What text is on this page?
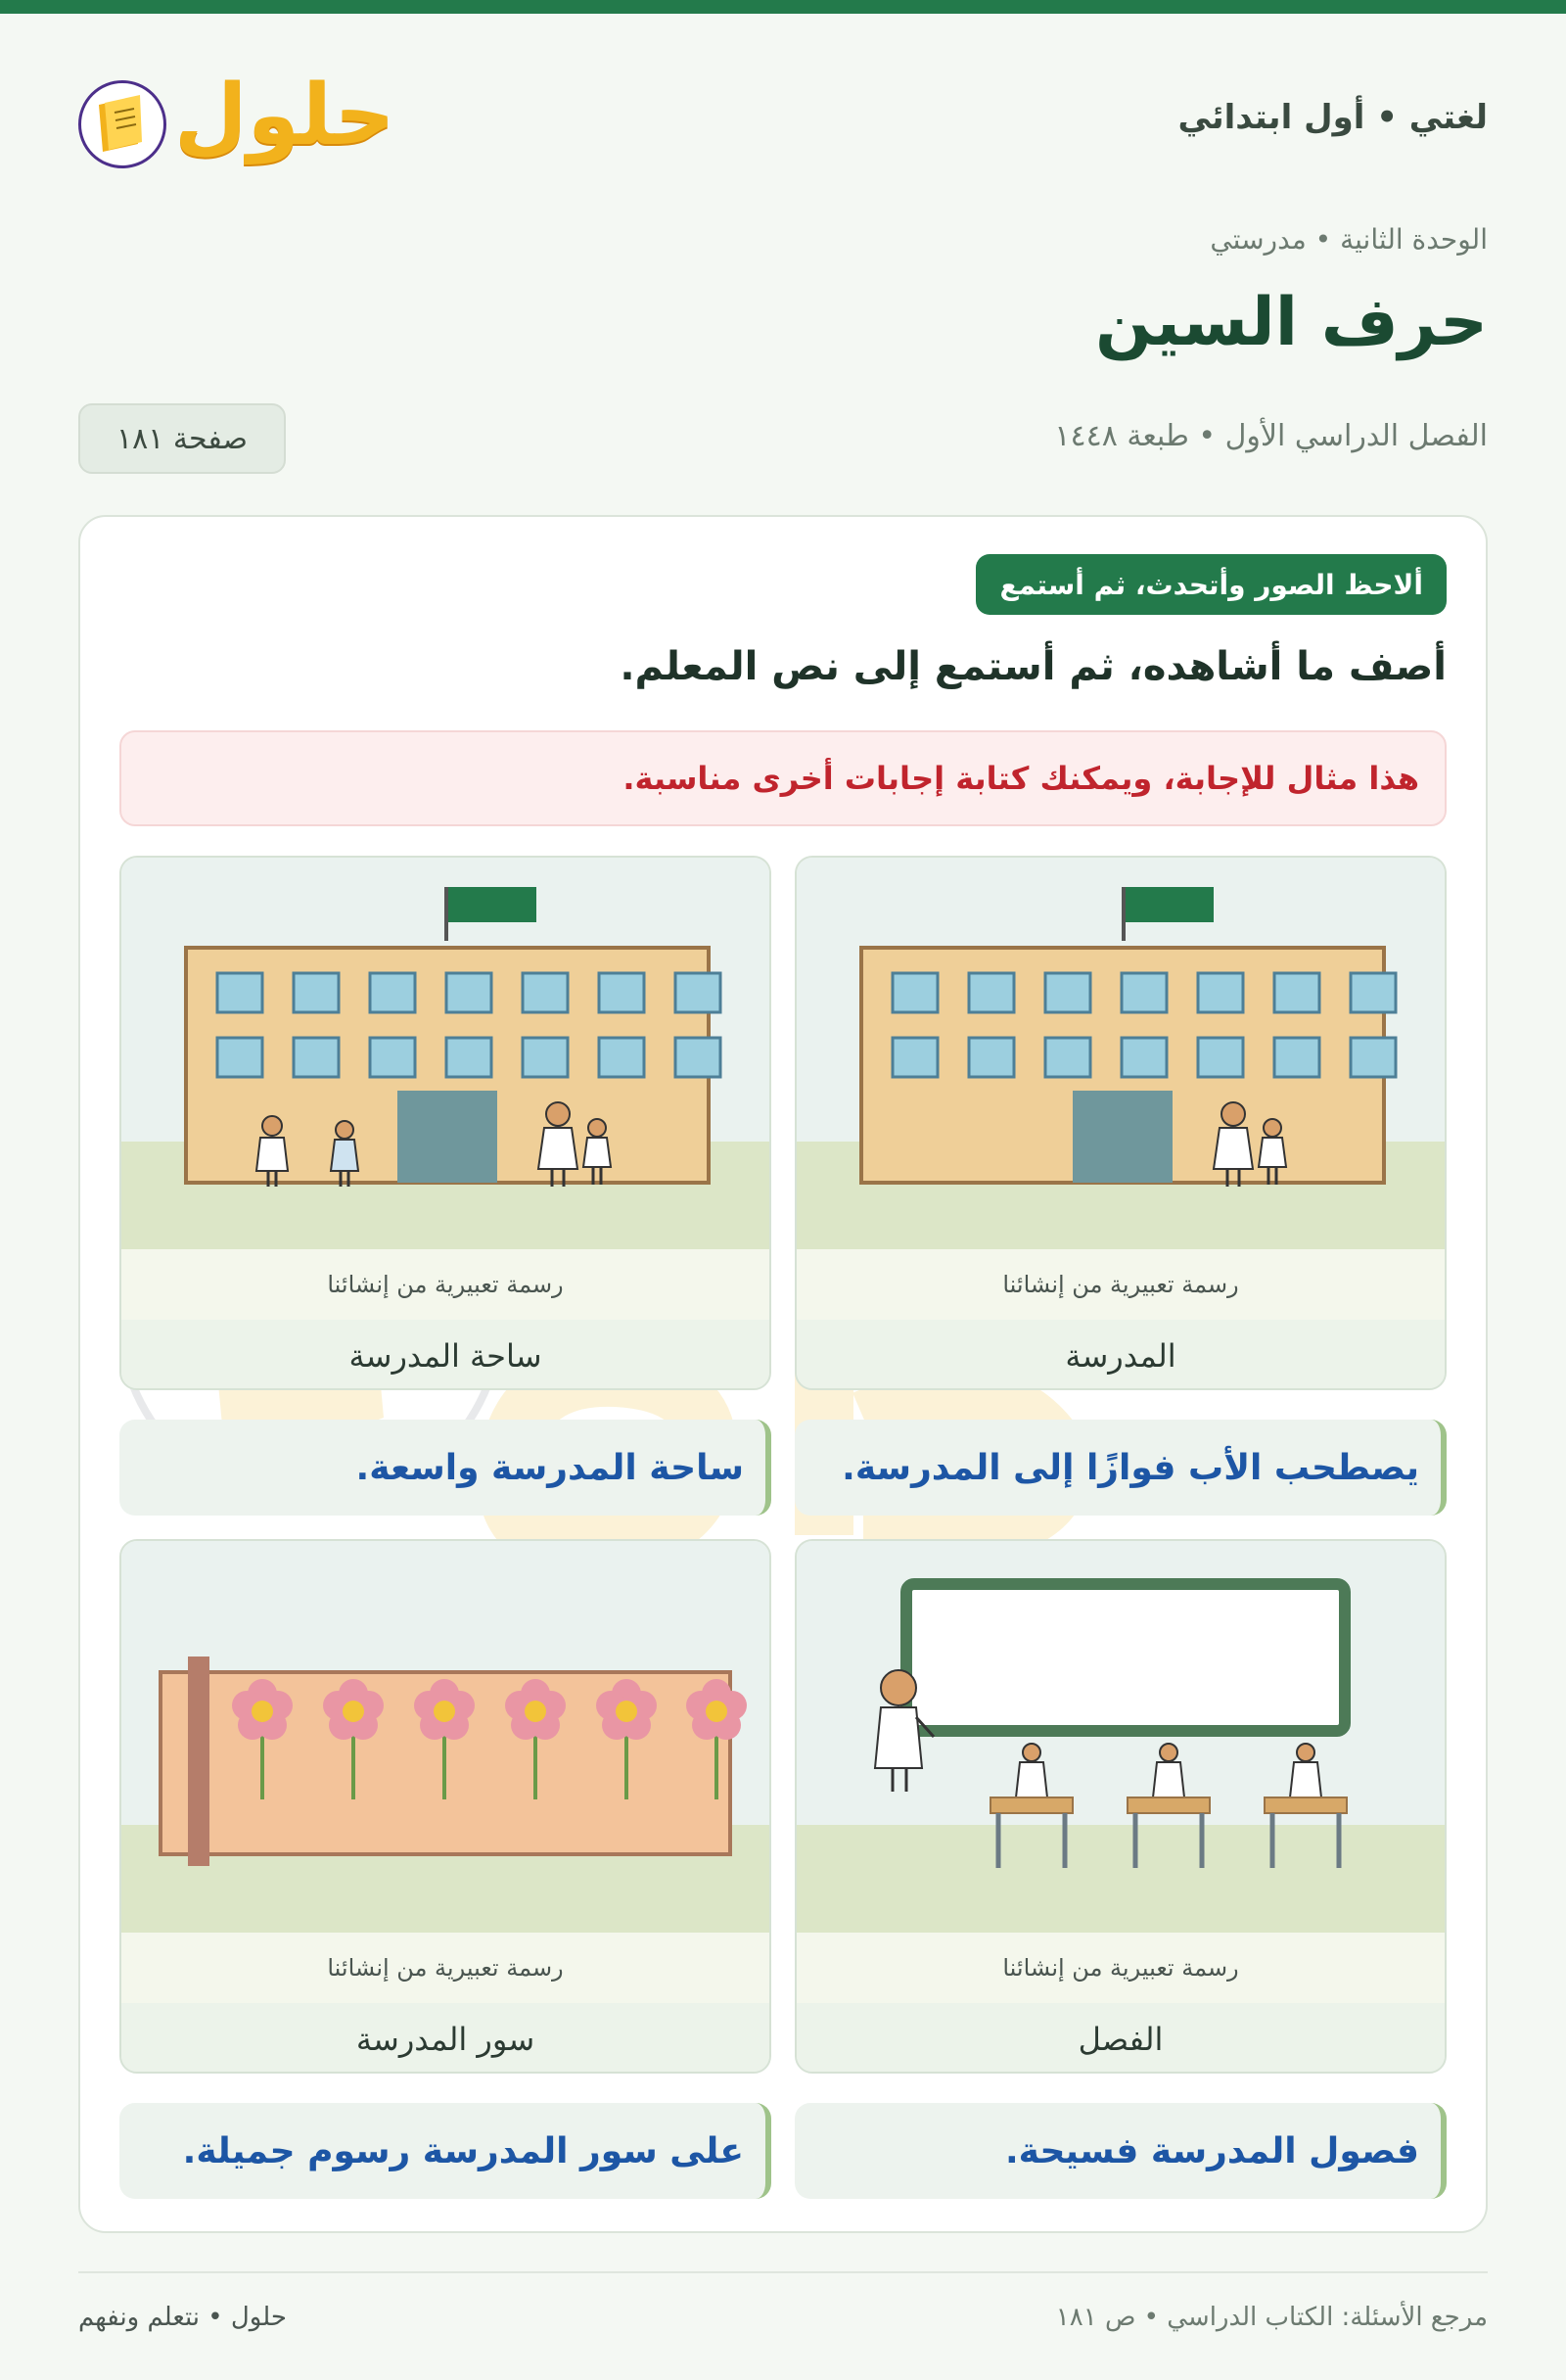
حلول	لغتي • أول ابتدائي
الوحدة الثانية • مدرستي
حرف السين
الفصل الدراسي الأول • طبعة ١٤٤٨
صفحة ١٨١
ألاحظ الصور وأتحدث، ثم أستمع
أصف ما أشاهده، ثم أستمع إلى نص المعلم.
هذا مثال للإجابة، ويمكنك كتابة إجابات أخرى مناسبة.
رسمة تعبيرية من إنشائنا
المدرسة
رسمة تعبيرية من إنشائنا
ساحة المدرسة
يصطحب الأب فوازًا إلى المدرسة.
ساحة المدرسة واسعة.
رسمة تعبيرية من إنشائنا
الفصل
رسمة تعبيرية من إنشائنا
سور المدرسة
فصول المدرسة فسيحة.
على سور المدرسة رسوم جميلة.
مرجع الأسئلة: الكتاب الدراسي • ص ١٨١
حلول • نتعلم ونفهم
